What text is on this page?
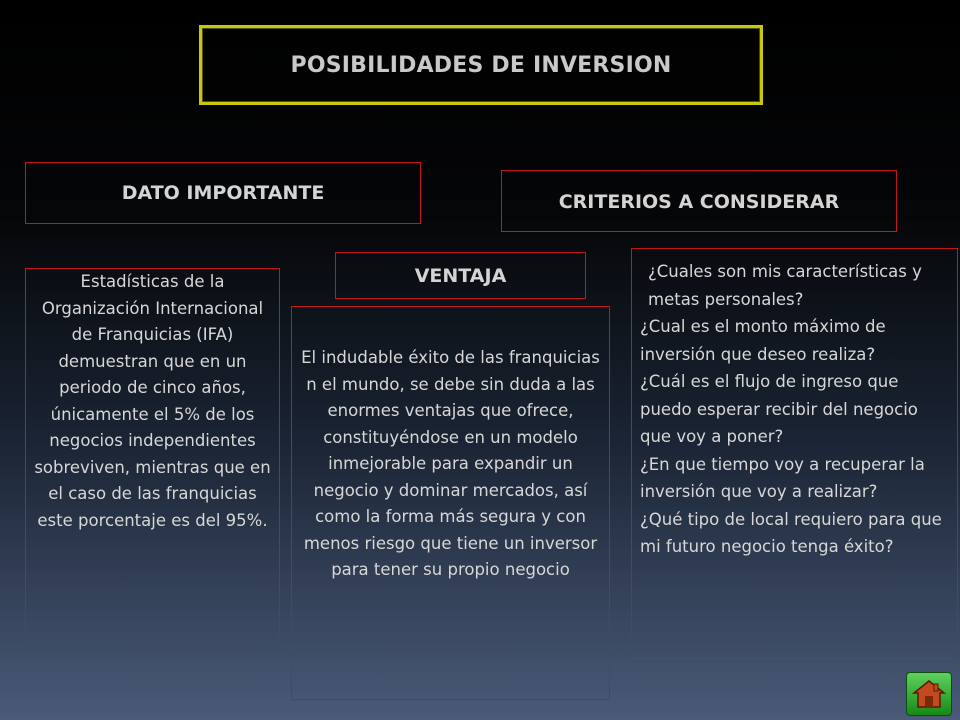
POSIBILIDADES DE INVERSION
DATO IMPORTANTE	CRITERIOS A CONSIDERAR
VENTAJA
Estadísticas de la Organización Internacional de Franquicias (IFA) demuestran que en un periodo de cinco años, únicamente el 5% de los negocios independientes sobreviven, mientras que en el caso de las franquicias este porcentaje es del 95%.
El indudable éxito de las franquicias n el mundo, se debe sin duda a las enormes ventajas que ofrece, constituyéndose en un modelo inmejorable para expandir un negocio y dominar mercados, así como la forma más segura y con menos riesgo que tiene un inversor para tener su propio negocio
¿Cuales son mis características y metas personales?
¿Cual es el monto máximo de inversión que deseo realiza?
¿Cuál es el flujo de ingreso que puedo esperar recibir del negocio que voy a poner?
¿En que tiempo voy a recuperar la inversión que voy a realizar?
¿Qué tipo de local requiero para que mi futuro negocio tenga éxito?
